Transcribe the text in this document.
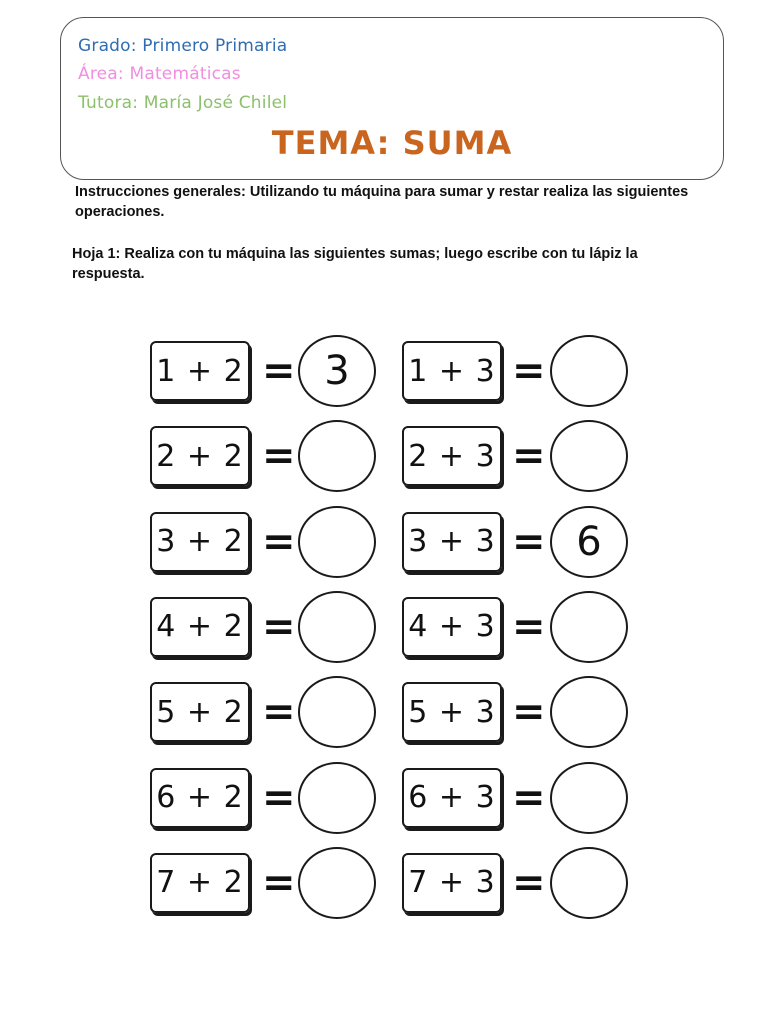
Grado: Primero Primaria
Área: Matemáticas
Tutora: María José Chilel
TEMA: SUMA
Instrucciones generales: Utilizando tu máquina para sumar y restar realiza las siguientes operaciones.
Hoja 1: Realiza con tu máquina las siguientes sumas; luego escribe con tu lápiz la respuesta.
1 + 2 = 3
2 + 2 =
3 + 2 =
4 + 2 =
5 + 2 =
6 + 2 =
7 + 2 =
1 + 3 =
2 + 3 =
3 + 3 = 6
4 + 3 =
5 + 3 =
6 + 3 =
7 + 3 =
